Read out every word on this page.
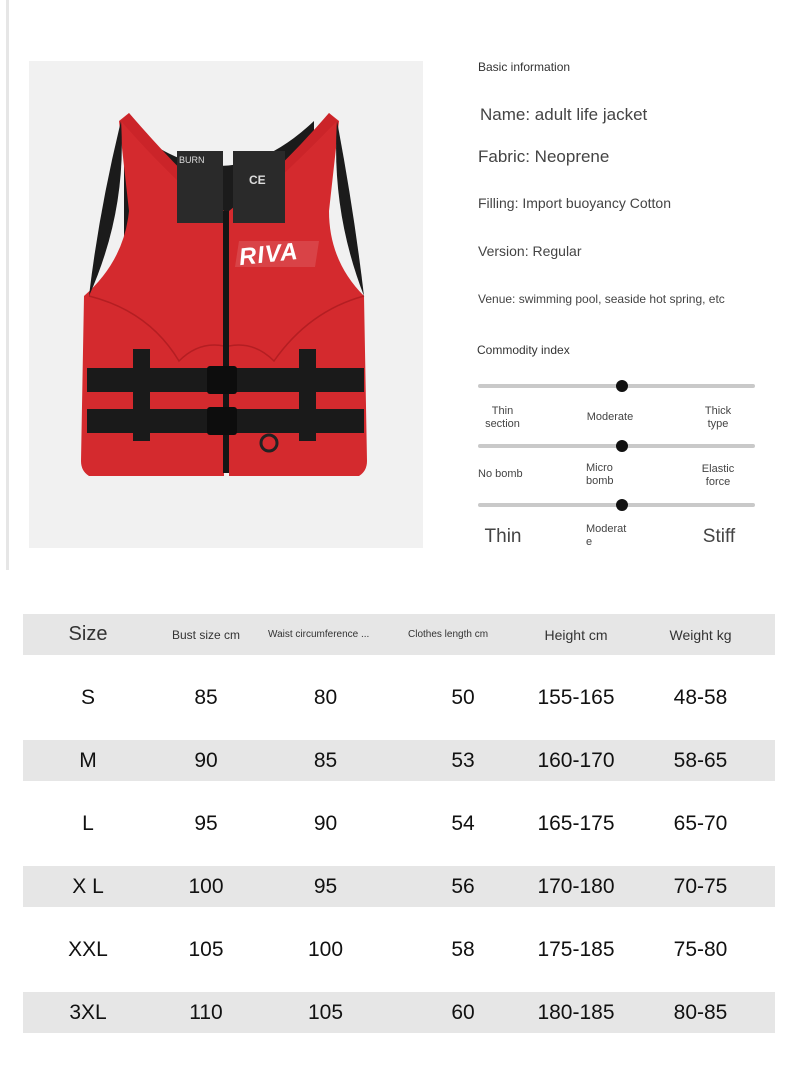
BURN
CE
RIVA
Basic information
Name: adult life jacket
Fabric: Neoprene
Filling: Import buoyancy Cotton
Version: Regular
Venue: swimming pool, seaside hot spring, etc
Commodity index
Thin section
Moderate	Thick type
No bomb	Micro bomb
Elastic force
Thin	Moderate	Stiff
Size	Bust size cm	Waist circumference ...	Clothes length cm	Height cm	Weight kg
S	85	80	50	155-165	48-58
M	90	85	53	160-170	58-65
L	95	90	54	165-175	65-70
X L	100	95	56	170-180	70-75
XXL	105	100	58	175-185	75-80
3XL	110	105	60	180-185	80-85
